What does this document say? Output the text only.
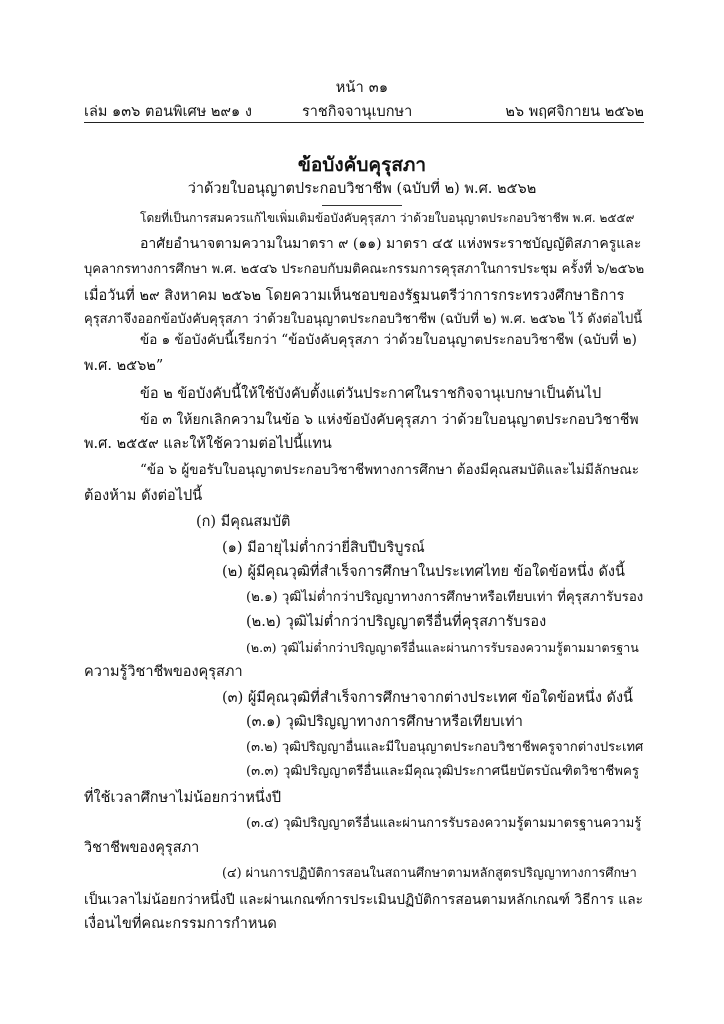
หน้า ๓๑
เล่ม ๑๓๖ ตอนพิเศษ ๒๙๑ ง	ราชกิจจานุเบกษา	๒๖ พฤศจิกายน ๒๕๖๒
ข้อบังคับคุรุสภา
ว่าด้วยใบอนุญาตประกอบวิชาชีพ (ฉบับที่ ๒) พ.ศ. ๒๕๖๒
โดยที่เป็นการสมควรแก้ไขเพิ่มเติมข้อบังคับคุรุสภา ว่าด้วยใบอนุญาตประกอบวิชาชีพ พ.ศ. ๒๕๕๙
อาศัยอำนาจตามความในมาตรา ๙ (๑๑) มาตรา ๔๕ แห่งพระราชบัญญัติสภาครูและ
บุคลากรทางการศึกษา พ.ศ. ๒๕๔๖ ประกอบกับมติคณะกรรมการคุรุสภาในการประชุม ครั้งที่ ๖/๒๕๖๒
เมื่อวันที่ ๒๙ สิงหาคม ๒๕๖๒ โดยความเห็นชอบของรัฐมนตรีว่าการกระทรวงศึกษาธิการ
คุรุสภาจึงออกข้อบังคับคุรุสภา ว่าด้วยใบอนุญาตประกอบวิชาชีพ (ฉบับที่ ๒) พ.ศ. ๒๕๖๒ ไว้ ดังต่อไปนี้
ข้อ ๑ ข้อบังคับนี้เรียกว่า “ข้อบังคับคุรุสภา ว่าด้วยใบอนุญาตประกอบวิชาชีพ (ฉบับที่ ๒)
พ.ศ. ๒๕๖๒”
ข้อ ๒ ข้อบังคับนี้ให้ใช้บังคับตั้งแต่วันประกาศในราชกิจจานุเบกษาเป็นต้นไป
ข้อ ๓ ให้ยกเลิกความในข้อ ๖ แห่งข้อบังคับคุรุสภา ว่าด้วยใบอนุญาตประกอบวิชาชีพ
พ.ศ. ๒๕๕๙ และให้ใช้ความต่อไปนี้แทน
“ข้อ ๖ ผู้ขอรับใบอนุญาตประกอบวิชาชีพทางการศึกษา ต้องมีคุณสมบัติและไม่มีลักษณะ
ต้องห้าม ดังต่อไปนี้
(ก) มีคุณสมบัติ
(๑) มีอายุไม่ต่ำกว่ายี่สิบปีบริบูรณ์
(๒) ผู้มีคุณวุฒิที่สำเร็จการศึกษาในประเทศไทย ข้อใดข้อหนึ่ง ดังนี้
(๒.๑) วุฒิไม่ต่ำกว่าปริญญาทางการศึกษาหรือเทียบเท่า ที่คุรุสภารับรอง
(๒.๒) วุฒิไม่ต่ำกว่าปริญญาตรีอื่นที่คุรุสภารับรอง
(๒.๓) วุฒิไม่ต่ำกว่าปริญญาตรีอื่นและผ่านการรับรองความรู้ตามมาตรฐาน
ความรู้วิชาชีพของคุรุสภา
(๓) ผู้มีคุณวุฒิที่สำเร็จการศึกษาจากต่างประเทศ ข้อใดข้อหนึ่ง ดังนี้
(๓.๑) วุฒิปริญญาทางการศึกษาหรือเทียบเท่า
(๓.๒) วุฒิปริญญาอื่นและมีใบอนุญาตประกอบวิชาชีพครูจากต่างประเทศ
(๓.๓) วุฒิปริญญาตรีอื่นและมีคุณวุฒิประกาศนียบัตรบัณฑิตวิชาชีพครู
ที่ใช้เวลาศึกษาไม่น้อยกว่าหนึ่งปี
(๓.๔) วุฒิปริญญาตรีอื่นและผ่านการรับรองความรู้ตามมาตรฐานความรู้
วิชาชีพของคุรุสภา
(๔) ผ่านการปฏิบัติการสอนในสถานศึกษาตามหลักสูตรปริญญาทางการศึกษา
เป็นเวลาไม่น้อยกว่าหนึ่งปี และผ่านเกณฑ์การประเมินปฏิบัติการสอนตามหลักเกณฑ์ วิธีการ และ
เงื่อนไขที่คณะกรรมการกำหนด
